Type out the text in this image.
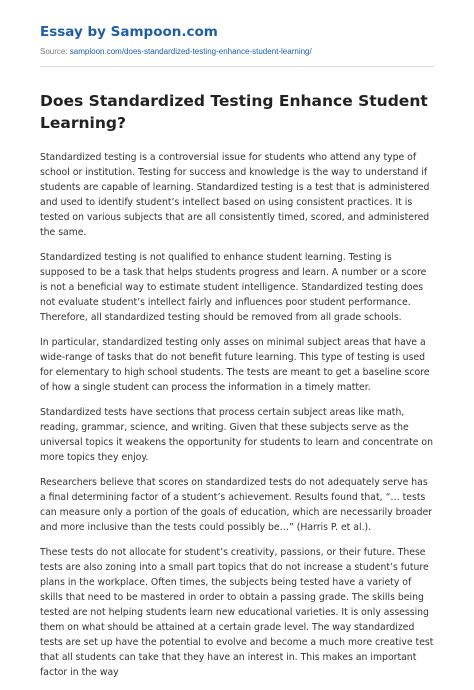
Essay by Sampoon.com
Source: samploon.com/does-standardized-testing-enhance-student-learning/
Does Standardized Testing Enhance Student Learning?

Standardized testing is a controversial issue for students who attend any type of school or institution. Testing for success and knowledge is the way to understand if students are capable of learning. Standardized testing is a test that is administered and used to identify student’s intellect based on using consistent practices. It is tested on various subjects that are all consistently timed, scored, and administered the same.

Standardized testing is not qualified to enhance student learning. Testing is supposed to be a task that helps students progress and learn. A number or a score is not a beneficial way to estimate student intelligence. Standardized testing does not evaluate student’s intellect fairly and influences poor student performance. Therefore, all standardized testing should be removed from all grade schools.

In particular, standardized testing only asses on minimal subject areas that have a wide-range of tasks that do not benefit future learning. This type of testing is used for elementary to high school students. The tests are meant to get a baseline score of how a single student can process the information in a timely matter.

Standardized tests have sections that process certain subject areas like math, reading, grammar, science, and writing. Given that these subjects serve as the universal topics it weakens the opportunity for students to learn and concentrate on more topics they enjoy.

Researchers believe that scores on standardized tests do not adequately serve has a final determining factor of a student’s achievement. Results found that, “… tests can measure only a portion of the goals of education, which are necessarily broader and more inclusive than the tests could possibly be…” (Harris P. et al.).

These tests do not allocate for student’s creativity, passions, or their future. These tests are also zoning into a small part topics that do not increase a student’s future plans in the workplace. Often times, the subjects being tested have a variety of skills that need to be mastered in order to obtain a passing grade. The skills being tested are not helping students learn new educational varieties. It is only assessing them on what should be attained at a certain grade level. The way standardized tests are set up have the potential to evolve and become a much more creative test that all students can take that they have an interest in. This makes an important factor in the way
